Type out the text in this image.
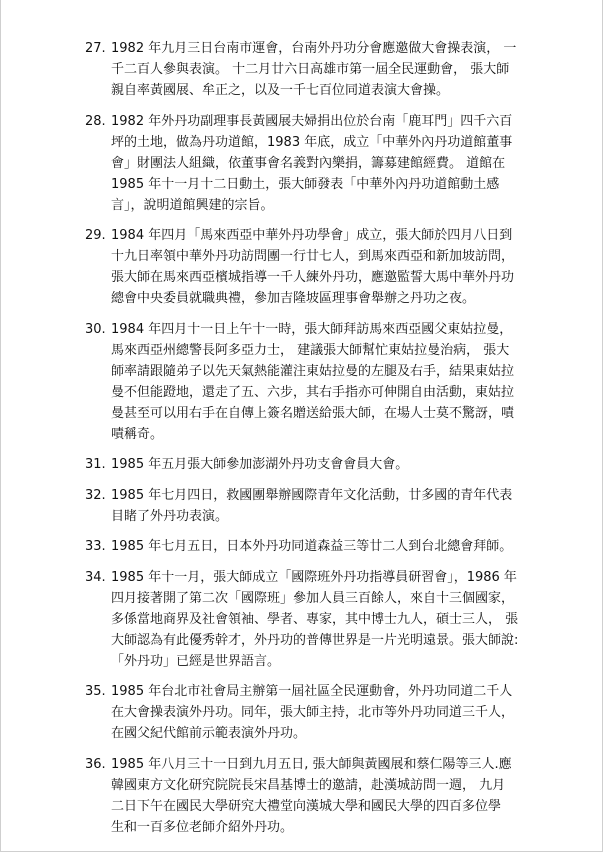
27. 1982 年九月三日台南市運會，台南外丹功分會應邀做大會操表演， 一
千二百人參與表演。 十二月廿六日高雄市第一屆全民運動會， 張大師
親自率黃國展、牟正之，以及一千七百位同道表演大會操。
28. 1982 年外丹功副理事長黃國展夫婦捐出位於台南「鹿耳門」四千六百
坪的土地，做為丹功道館，1983 年底，成立「中華外內丹功道館董事
會」財團法人組織，依董事會名義對內樂捐，籌募建館經費。 道館在
1985 年十一月十二日動土，張大師發表「中華外內丹功道館動土感
言」，說明道館興建的宗旨。
29. 1984 年四月「馬來西亞中華外丹功學會」成立，張大師於四月八日到
十九日率領中華外丹功訪問團一行廿七人，到馬來西亞和新加坡訪問，
張大師在馬來西亞檳城指導一千人練外丹功，應邀監誓大馬中華外丹功
總會中央委員就職典禮，參加吉隆坡區理事會舉辦之丹功之夜。
30. 1984 年四月十一日上午十一時，張大師拜訪馬來西亞國父東姑拉曼，
馬來西亞州總警長阿多亞力士， 建議張大師幫忙東姑拉曼治病， 張大
師率請跟隨弟子以先天氣熱能灌注東姑拉曼的左腿及右手，結果東姑拉
曼不但能蹬地，還走了五、六步，其右手指亦可伸開自由活動，東姑拉
曼甚至可以用右手在自傳上簽名贈送給張大師，在場人士莫不驚訝，嘖
嘖稱奇。
31. 1985 年五月張大師參加澎湖外丹功支會會員大會。
32. 1985 年七月四日，救國團舉辦國際青年文化活動，廿多國的青年代表
目睹了外丹功表演。
33. 1985 年七月五日，日本外丹功同道森益三等廿二人到台北總會拜師。
34. 1985 年十一月，張大師成立「國際班外丹功指導員研習會」，1986 年
四月接著開了第二次「國際班」參加人員三百餘人，來自十三個國家，
多係當地商界及社會領袖、學者、專家，其中博士九人，碩士三人， 張
大師認為有此優秀幹才，外丹功的普傳世界是一片光明遠景。張大師說:
「外丹功」已經是世界語言。
35. 1985 年台北市社會局主辦第一屆社區全民運動會，外丹功同道二千人
在大會操表演外丹功。同年，張大師主持，北市等外丹功同道三千人，
在國父紀代館前示範表演外丹功。
36. 1985 年八月三十一日到九月五日, 張大師與黃國展和蔡仁陽等三人.應
韓國東方文化研究院院長宋昌基博士的邀請，赴漢城訪問一週， 九月
二日下午在國民大學研究大禮堂向漢城大學和國民大學的四百多位學
生和一百多位老師介紹外丹功。
